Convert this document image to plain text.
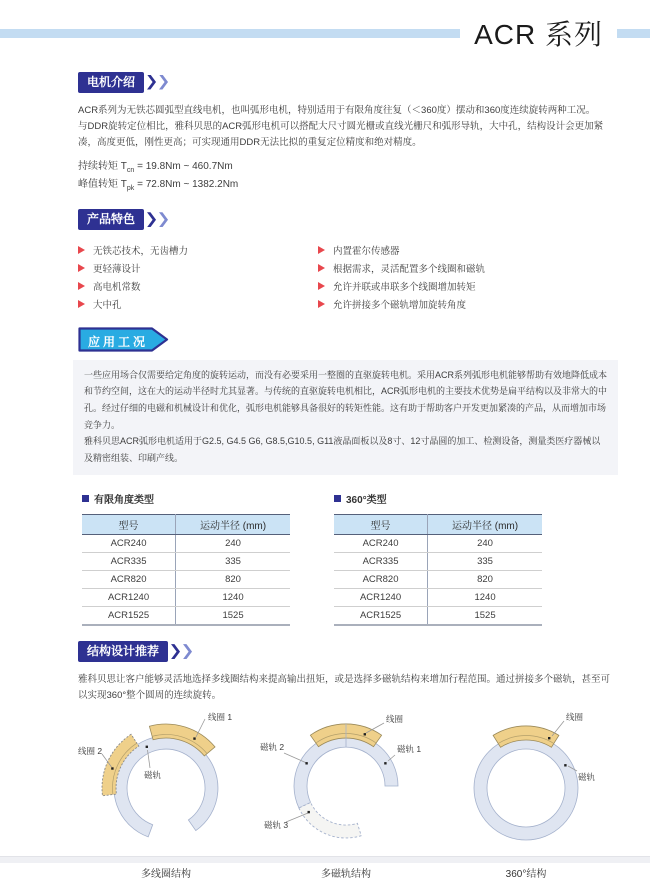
ACR 系列
电机介绍

ACR系列为无铁芯圆弧型直线电机，也叫弧形电机，特别适用于有限角度往复（＜360度）摆动和360度连续旋转两种工况。

与DDR旋转定位相比，雅科贝思的ACR弧形电机可以搭配大尺寸圆光栅或直线光栅尺和弧形导轨，大中孔，结构设计会更加紧凑，高度更低，刚性更高；可实现通用DDR无法比拟的重复定位精度和绝对精度。

持续转矩 $T_{cn} = 19.8Nm$ ~ 460.7Nm
峰值转矩 $T_{pk} = 72.8Nm$ ~ 1382.2Nm
产品特色
无铁芯技术，无齿槽力
更轻薄设计
高电机常数
大中孔
内置霍尔传感器
根据需求，灵活配置多个线圈和磁轨
允许并联或串联多个线圈增加转矩
允许拼接多个磁轨增加旋转角度
应用工况

一些应用场合仅需要给定角度的旋转运动，而没有必要采用一整圈的直驱旋转电机。采用ACR系列弧形电机能够帮助有效地降低成本和节约空间，这在大的运动半径时尤其显著。与传统的直驱旋转电机相比，ACR弧形电机的主要技术优势是扁平结构以及非常大的中孔。经过仔细的电磁和机械设计和优化，弧形电机能够具备很好的转矩性能。这有助于帮助客户开发更加紧凑的产品，从而增加市场竞争力。

雅科贝思ACR弧形电机适用于G2.5, G4.5 G6, G8.5,G10.5, G11液晶面板以及8寸、12寸晶圆的加工、检测设备，测量类医疗器械以及精密组装、印刷产线。

有限角度类型
型号	运动半径 (mm)
ACR240	240
ACR335	335
ACR820	820
ACR1240	1240
ACR1525	1525
360°类型
型号	运动半径 (mm)
ACR240	240
ACR335	335
ACR820	820
ACR1240	1240
ACR1525	1525
结构设计推荐

雅科贝思让客户能够灵活地选择多线圈结构来提高输出扭矩，或是选择多磁轨结构来增加行程范围。通过拼接多个磁轨，甚至可以实现360°整个圆周的连续旋转。

线圈 1
线圈 2
磁轨
多线圈结构
线圈
磁轨 1
磁轨 2
磁轨 3
多磁轨结构
线圈
磁轨
360°结构
